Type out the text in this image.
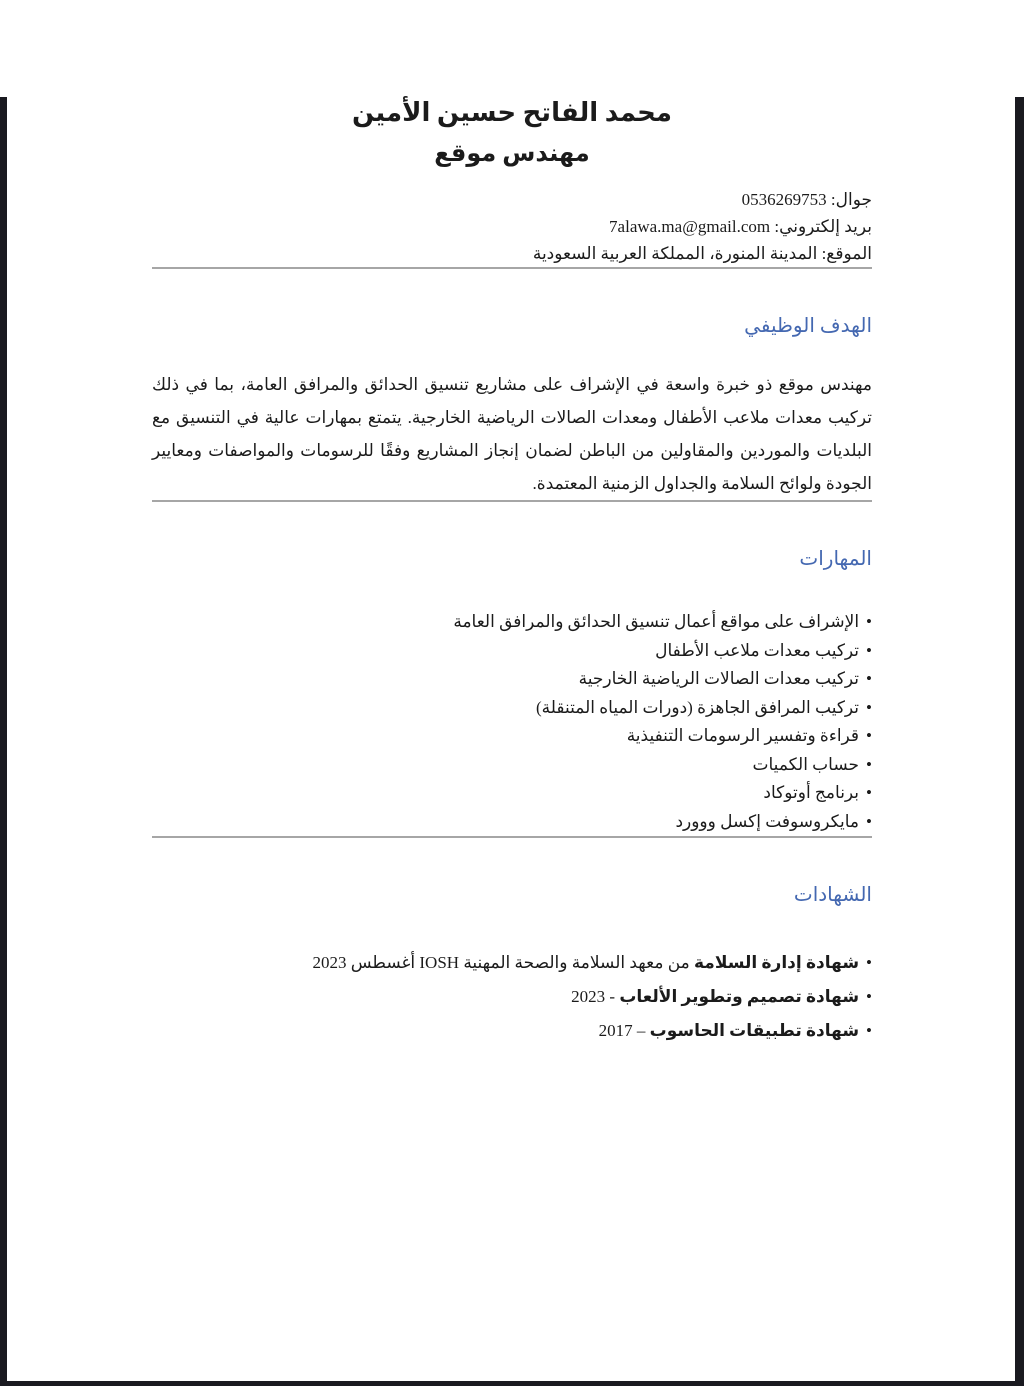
محمد الفاتح حسين الأمين
مهندس موقع
جوال: 0536269753
بريد إلكتروني: 7alawa.ma@gmail.com
الموقع: المدينة المنورة، المملكة العربية السعودية
الهدف الوظيفي

مهندس موقع ذو خبرة واسعة في الإشراف على مشاريع تنسيق الحدائق والمرافق العامة، بما في ذلك تركيب معدات ملاعب الأطفال ومعدات الصالات الرياضية الخارجية. يتمتع بمهارات عالية في التنسيق مع البلديات والموردين والمقاولين من الباطن لضمان إنجاز المشاريع وفقًا للرسومات والمواصفات ومعايير الجودة ولوائح السلامة والجداول الزمنية المعتمدة.

المهارات
•الإشراف على مواقع أعمال تنسيق الحدائق والمرافق العامة
•تركيب معدات ملاعب الأطفال
•تركيب معدات الصالات الرياضية الخارجية
•تركيب المرافق الجاهزة (دورات المياه المتنقلة)
•قراءة وتفسير الرسومات التنفيذية
•حساب الكميات
•برنامج أوتوكاد
•مايكروسوفت إكسل ووورد
الشهادات
•شهادة إدارة السلامة من معهد السلامة والصحة المهنية IOSH أغسطس 2023
•شهادة تصميم وتطوير الألعاب - 2023
•شهادة تطبيقات الحاسوب – 2017
